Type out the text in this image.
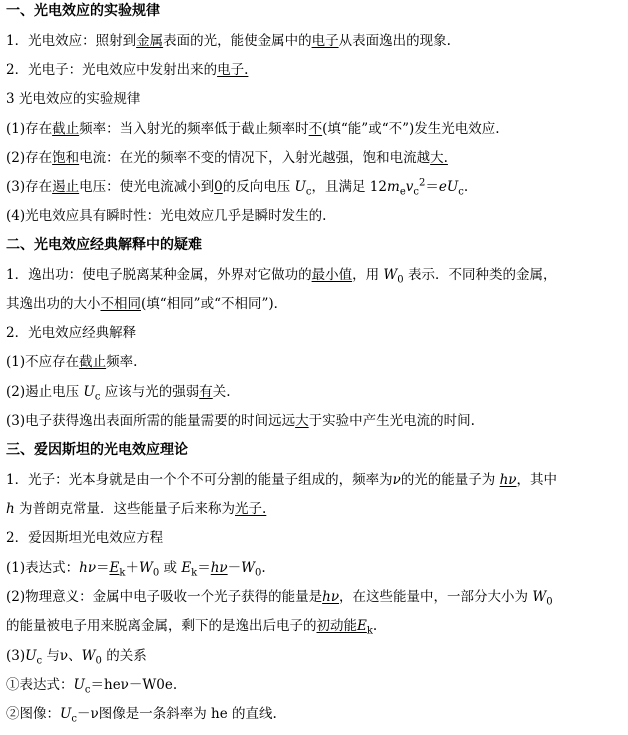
一、光电效应的实验规律
1．光电效应：照射到金属表面的光，能使金属中的电子从表面逸出的现象.
2．光电子：光电效应中发射出来的电子.
3 光电效应的实验规律
(1)存在截止频率：当入射光的频率低于截止频率时不(填“能”或“不”)发生光电效应.
(2)存在饱和电流：在光的频率不变的情况下，入射光越强，饱和电流越大.
(3)存在遏止电压：使光电流减小到0的反向电压 $U_c$，且满足 $12m_ev_c^2=eU_c$.
(4)光电效应具有瞬时性：光电效应几乎是瞬时发生的.
二、光电效应经典解释中的疑难
1．逸出功：使电子脱离某种金属，外界对它做功的最小值，用 $W_0$ 表示．不同种类的金属，
其逸出功的大小不相同(填“相同”或“不相同”)．
2．光电效应经典解释
(1)不应存在截止频率.
(2)遏止电压 $U_c$ 应该与光的强弱有关.
(3)电子获得逸出表面所需的能量需要的时间远远大于实验中产生光电流的时间.
三、爱因斯坦的光电效应理论
1．光子：光本身就是由一个个不可分割的能量子组成的，频率为ν的光的能量子为 hν，其中
h 为普朗克常量．这些能量子后来称为光子.
2．爱因斯坦光电效应方程
(1)表达式：$h\nu=E_k+W_0$ 或 $E_k=h\nu-W_0$.
(2)物理意义：金属中电子吸收一个光子获得的能量是hν，在这些能量中，一部分大小为 $W_0$
的能量被电子用来脱离金属，剩下的是逸出后电子的初动能$E_k$.
$(3)U_c$ 与ν、$W_0$ 的关系
①表达式：$U_c=he\nu-W0e$.
②图像：$U_c-\nu$图像是一条斜率为 he 的直线.
